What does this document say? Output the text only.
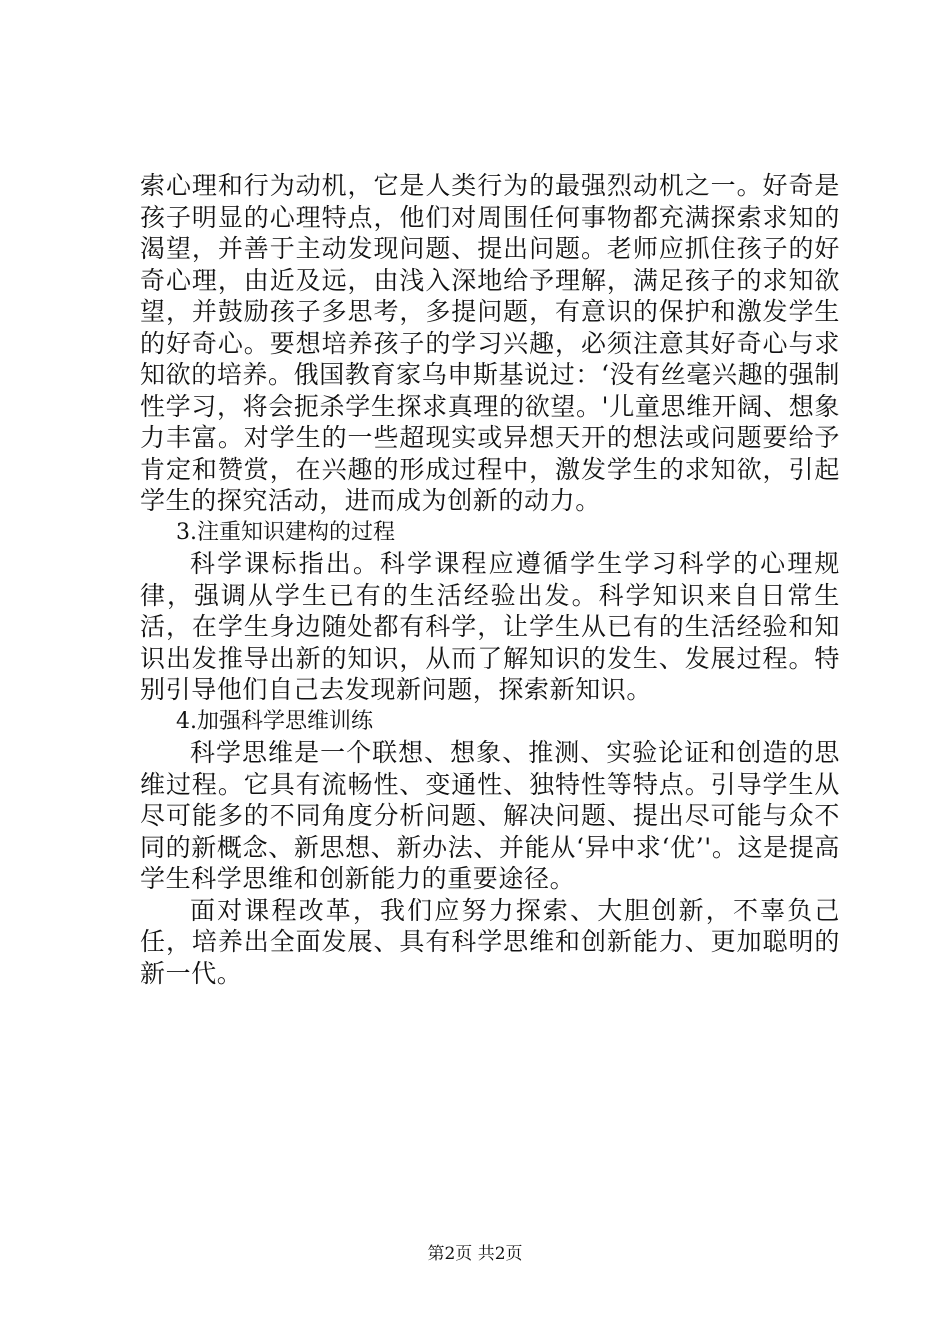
索心理和行为动机，它是人类行为的最强烈动机之一。好奇是孩子明显的心理特点，他们对周围任何事物都充满探索求知的渴望，并善于主动发现问题、提出问题。老师应抓住孩子的好奇心理，由近及远，由浅入深地给予理解，满足孩子的求知欲望，并鼓励孩子多思考，多提问题，有意识的保护和激发学生的好奇心。要想培养孩子的学习兴趣，必须注意其好奇心与求知欲的培养。俄国教育家乌申斯基说过：‘没有丝毫兴趣的强制性学习，将会扼杀学生探求真理的欲望。'儿童思维开阔、想象力丰富。对学生的一些超现实或异想天开的想法或问题要给予肯定和赞赏，在兴趣的形成过程中，激发学生的求知欲，引起学生的探究活动，进而成为创新的动力。

3.注重知识建构的过程

科学课标指出。科学课程应遵循学生学习科学的心理规律，强调从学生已有的生活经验出发。科学知识来自日常生活，在学生身边随处都有科学，让学生从已有的生活经验和知识出发推导出新的知识，从而了解知识的发生、发展过程。特别引导他们自己去发现新问题，探索新知识。

4.加强科学思维训练

科学思维是一个联想、想象、推测、实验论证和创造的思维过程。它具有流畅性、变通性、独特性等特点。引导学生从尽可能多的不同角度分析问题、解决问题、提出尽可能与众不同的新概念、新思想、新办法、并能从‘异中求‘优’'。这是提高学生科学思维和创新能力的重要途径。

面对课程改革，我们应努力探索、大胆创新，不辜负己任，培养出全面发展、具有科学思维和创新能力、更加聪明的新一代。

第2页 共2页
